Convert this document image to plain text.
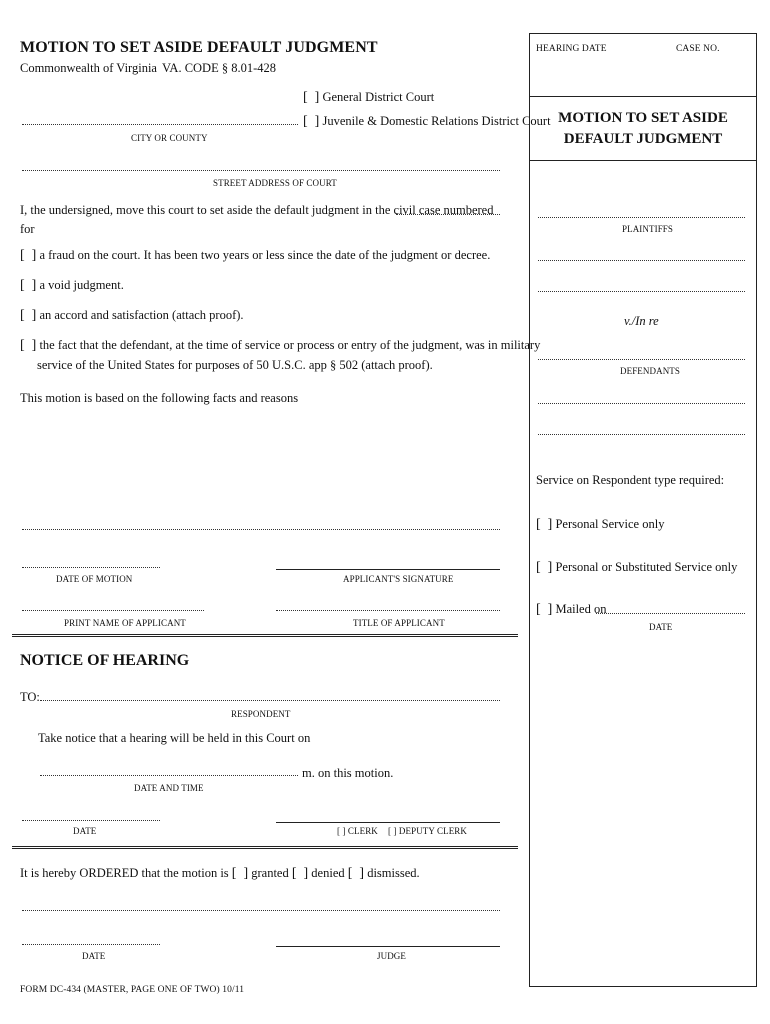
MOTION TO SET ASIDE DEFAULT JUDGMENT
Commonwealth of Virginia VA. CODE § 8.01-428
[  ] General District Court
[  ] Juvenile & Domestic Relations District Court
CITY OR COUNTY
STREET ADDRESS OF COURT
I, the undersigned, move this court to set aside the default judgment in the civil case numbered
for
[  ] a fraud on the court. It has been two years or less since the date of the judgment or decree.
[  ] a void judgment.
[  ] an accord and satisfaction (attach proof).
[  ] the fact that the defendant, at the time of service or process or entry of the judgment, was in military
service of the United States for purposes of 50 U.S.C. app § 502 (attach proof).
This motion is based on the following facts and reasons
DATE OF MOTION	APPLICANT'S SIGNATURE
PRINT NAME OF APPLICANT	TITLE OF APPLICANT
NOTICE OF HEARING
TO:
RESPONDENT
Take notice that a hearing will be held in this Court on
m. on this motion.
DATE AND TIME
DATE	[ ] CLERK [ ] DEPUTY CLERK
It is hereby ORDERED that the motion is [  ] granted [  ] denied [  ] dismissed.
DATE	JUDGE
FORM DC-434 (MASTER, PAGE ONE OF TWO) 10/11
HEARING DATE	CASE NO.
MOTION TO SET ASIDE
DEFAULT JUDGMENT
PLAINTIFFS
v./In re
DEFENDANTS
Service on Respondent type required:
[  ] Personal Service only
[  ] Personal or Substituted Service only
[  ] Mailed on
DATE
